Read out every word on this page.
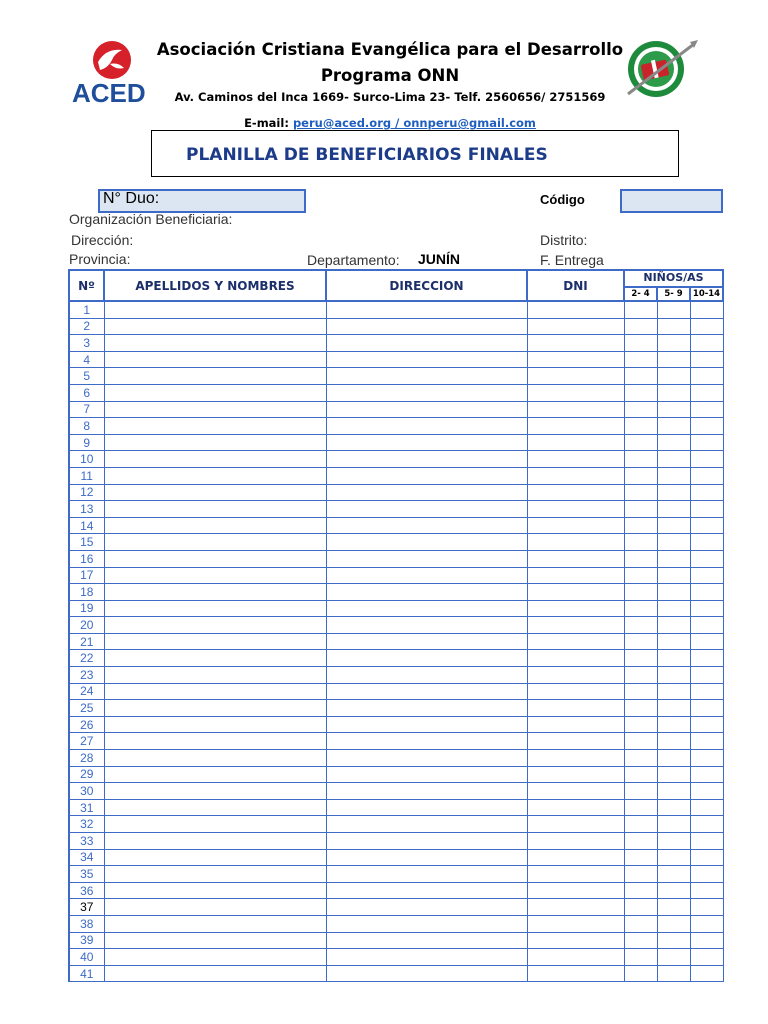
ACED
Asociación Cristiana Evangélica para el Desarrollo
Programa ONN
Av. Caminos del Inca 1669- Surco-Lima 23- Telf. 2560656/ 2751569
E-mail: peru@aced.org / onnperu@gmail.com
PLANILLA DE BENEFICIARIOS FINALES
N° Duo:	Código
Organización Beneficiaria:
Dirección:	Distrito:
Provincia:	Departamento: JUNÍN	F. Entrega
Nº	APELLIDOS Y NOMBRES	DIRECCION	DNI	NIÑOS/AS		
				2- 4	5- 9	10-14
1						
2						
3						
4						
5						
6						
7						
8						
9						
10						
11						
12						
13						
14						
15						
16						
17						
18						
19						
20						
21						
22						
23						
24						
25						
26						
27						
28						
29						
30						
31						
32						
33						
34						
35						
36						
37						
38						
39						
40						
41						
